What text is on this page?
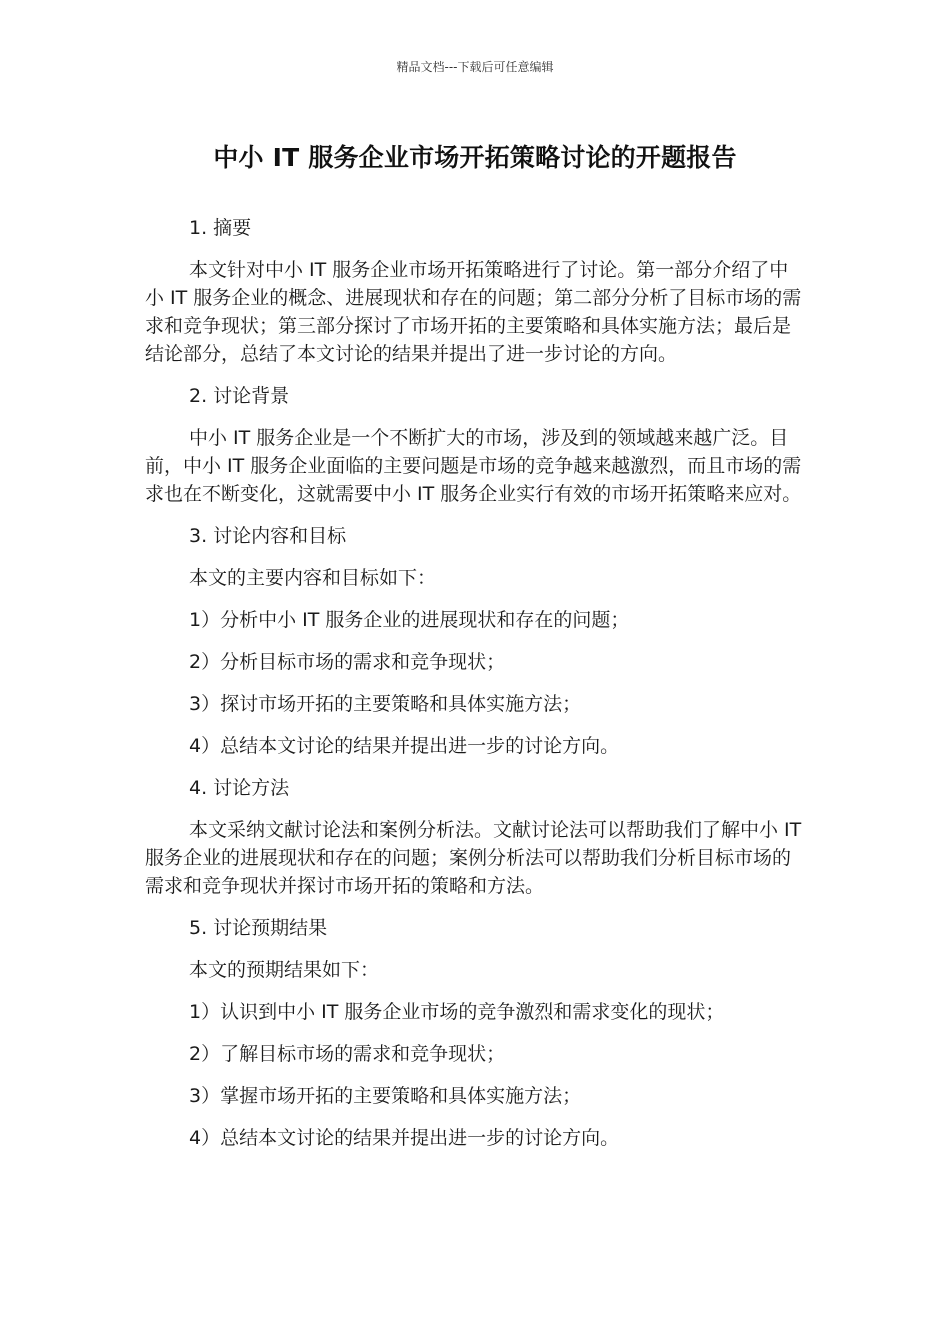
精品文档---下载后可任意编辑
中小 IT 服务企业市场开拓策略讨论的开题报告

1. 摘要

本文针对中小 IT 服务企业市场开拓策略进行了讨论。第一部分介绍了中小 IT 服务企业的概念、进展现状和存在的问题；第二部分分析了目标市场的需求和竞争现状；第三部分探讨了市场开拓的主要策略和具体实施方法；最后是结论部分，总结了本文讨论的结果并提出了进一步讨论的方向。

2. 讨论背景

中小 IT 服务企业是一个不断扩大的市场，涉及到的领域越来越广泛。目前，中小 IT 服务企业面临的主要问题是市场的竞争越来越激烈，而且市场的需求也在不断变化，这就需要中小 IT 服务企业实行有效的市场开拓策略来应对。

3. 讨论内容和目标

本文的主要内容和目标如下：

1）分析中小 IT 服务企业的进展现状和存在的问题；

2）分析目标市场的需求和竞争现状；

3）探讨市场开拓的主要策略和具体实施方法；

4）总结本文讨论的结果并提出进一步的讨论方向。

4. 讨论方法

本文采纳文献讨论法和案例分析法。文献讨论法可以帮助我们了解中小 IT 服务企业的进展现状和存在的问题；案例分析法可以帮助我们分析目标市场的需求和竞争现状并探讨市场开拓的策略和方法。

5. 讨论预期结果

本文的预期结果如下：

1）认识到中小 IT 服务企业市场的竞争激烈和需求变化的现状；

2）了解目标市场的需求和竞争现状；

3）掌握市场开拓的主要策略和具体实施方法；

4）总结本文讨论的结果并提出进一步的讨论方向。
